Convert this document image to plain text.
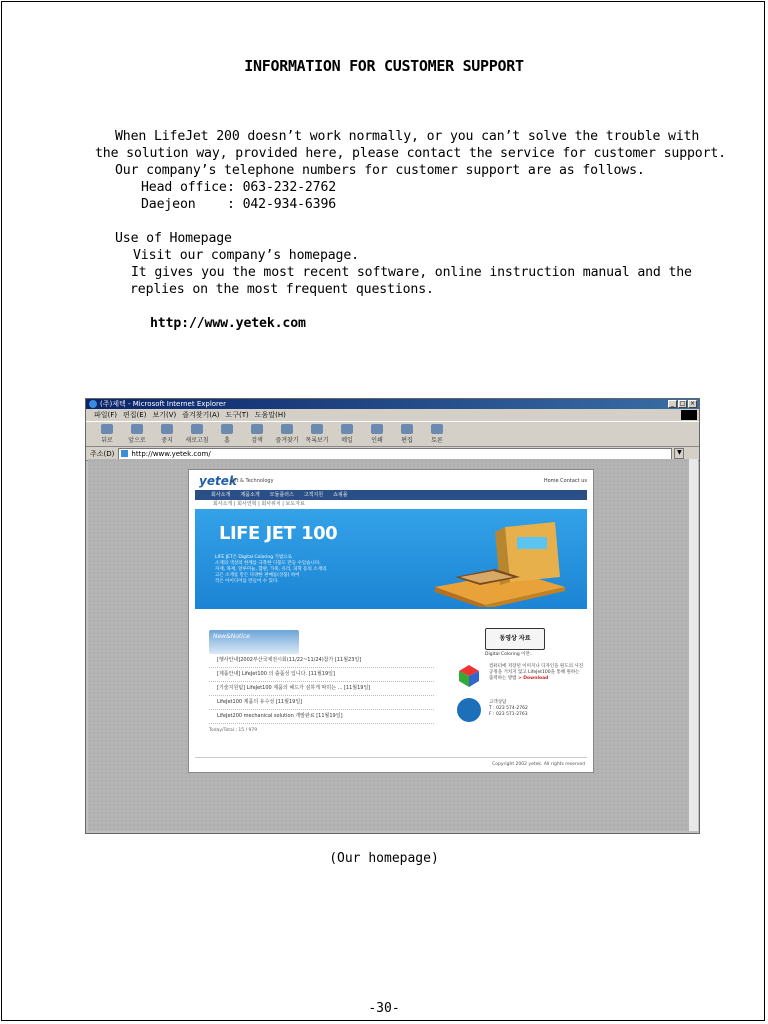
INFORMATION FOR CUSTOMER SUPPORT
When LifeJet 200 doesn’t work normally, or you can’t solve the trouble with
the solution way, provided here, please contact the service for customer support.
Our company’s telephone numbers for customer support are as follows.
Head office : 063-232-2762
Daejeon : 042-934-6396
Use of Homepage
Visit our company’s homepage.
It gives you the most recent software, online instruction manual and the
replies on the most frequent questions.
http://www.yetek.com
(주)제텍 - Microsoft Internet Explorer	_ □ ×
파일(F) 편집(E) 보기(V) 즐겨찾기(A) 도구(T) 도움말(H)
뒤로	앞으로	중지 새로고침	홈	검색 즐겨찾기 목록보기 메일	인쇄	편집	토론
주소(D)	http://www.yetek.com/	▼
yetek
Art & Technology	Home Contact us
회사소개 제품소개 모듈플러스 고객지원 쇼핑몰
회사소개 | 회사연혁 | 회사위치 | 보도자료
LIFE JET 100
LIFE JET은 Digital Coloring 기법으로
소재의 색상의 한계를 극복한 디품도 만들 수있습니다.
자재, 목재, 알루미늄, 합판, 가죽, 유리, 피혁 등의 소재의
고은 소재를 만든 다양한 판매를(상품) 하여
작은 아이디어를 만들어 수 있다.
New&Notice
[행사안내]2002부산국제전시회(11/22~11/24)참가 [11월23일]
[제품안내] LifeJet100 의 출품성 입니다. [11월19일]
[기술지원팀] LifeJet100 제품의 헤드가 심하게 막히는 ... [11월19일]
LifeJet100 제품의 유수성 [11월19일]
LifeJet200 mechanical solution 개발완료 [11월19일]
Today/Total : 15 / 979
동영상 자료
Digital Coloring 이란..
컴퓨터에 저장된 이미지나 디자인을 원도의 사진공정을 거치지 않고 LifeJet100을 통해 원하는 출력하는 방법 > Download
고객상담
T : 023 574-2762
F : 023 571-2763
Copyright 2002 yetek. All rights reserved
(Our homepage)
-30-
